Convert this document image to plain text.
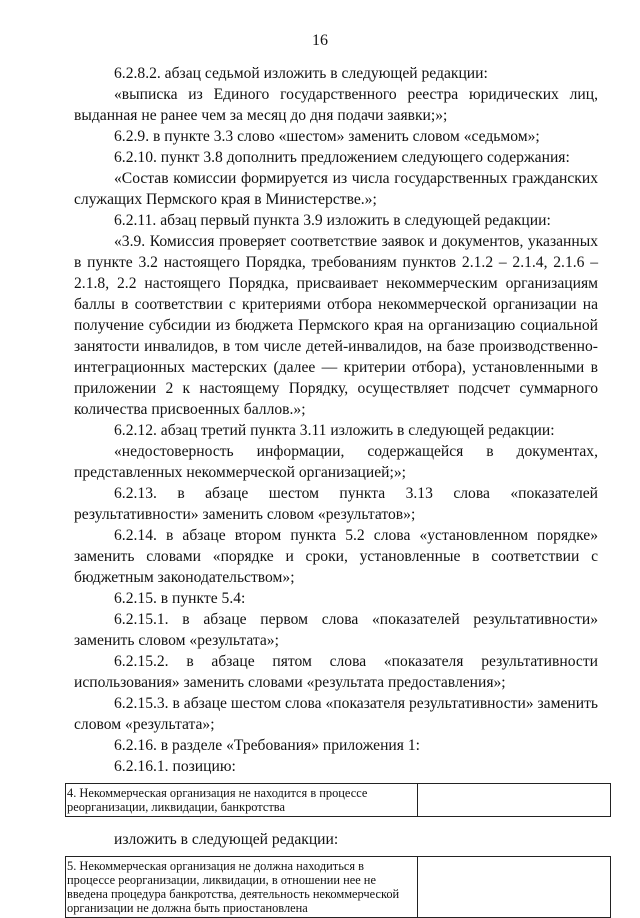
16

6.2.8.2. абзац седьмой изложить в следующей редакции:

«выписка из Единого государственного реестра юридических лиц, выданная не ранее чем за месяц до дня подачи заявки;»;

6.2.9. в пункте 3.3 слово «шестом» заменить словом «седьмом»;

6.2.10. пункт 3.8 дополнить предложением следующего содержания:

«Состав комиссии формируется из числа государственных гражданских служащих Пермского края в Министерстве.»;

6.2.11. абзац первый пункта 3.9 изложить в следующей редакции:

«3.9. Комиссия проверяет соответствие заявок и документов, указанных в пункте 3.2 настоящего Порядка, требованиям пунктов 2.1.2 – 2.1.4, 2.1.6 – 2.1.8, 2.2 настоящего Порядка, присваивает некоммерческим организациям баллы в соответствии с критериями отбора некоммерческой организации на получение субсидии из бюджета Пермского края на организацию социальной занятости инвалидов, в том числе детей-инвалидов, на базе производственно-интеграционных мастерских (далее — критерии отбора), установленными в приложении 2 к настоящему Порядку, осуществляет подсчет суммарного количества присвоенных баллов.»;

6.2.12. абзац третий пункта 3.11 изложить в следующей редакции:

«недостоверность информации, содержащейся в документах, представленных некоммерческой организацией;»;

6.2.13. в абзаце шестом пункта 3.13 слова «показателей результативности» заменить словом «результатов»;

6.2.14. в абзаце втором пункта 5.2 слова «установленном порядке» заменить словами «порядке и сроки, установленные в соответствии с бюджетным законодательством»;

6.2.15. в пункте 5.4:

6.2.15.1. в абзаце первом слова «показателей результативности» заменить словом «результата»;

6.2.15.2. в абзаце пятом слова «показателя результативности использования» заменить словами «результата предоставления»;

6.2.15.3. в абзаце шестом слова «показателя результативности» заменить словом «результата»;

6.2.16. в разделе «Требования» приложения 1:

6.2.16.1. позицию:

4. Некоммерческая организация не находится в процессе реорганизации, ликвидации, банкротства	

изложить в следующей редакции:

5. Некоммерческая организация не должна находиться в процессе реорганизации, ликвидации, в отношении нее не введена процедура банкротства, деятельность некоммерческой организации не должна быть приостановлена	
